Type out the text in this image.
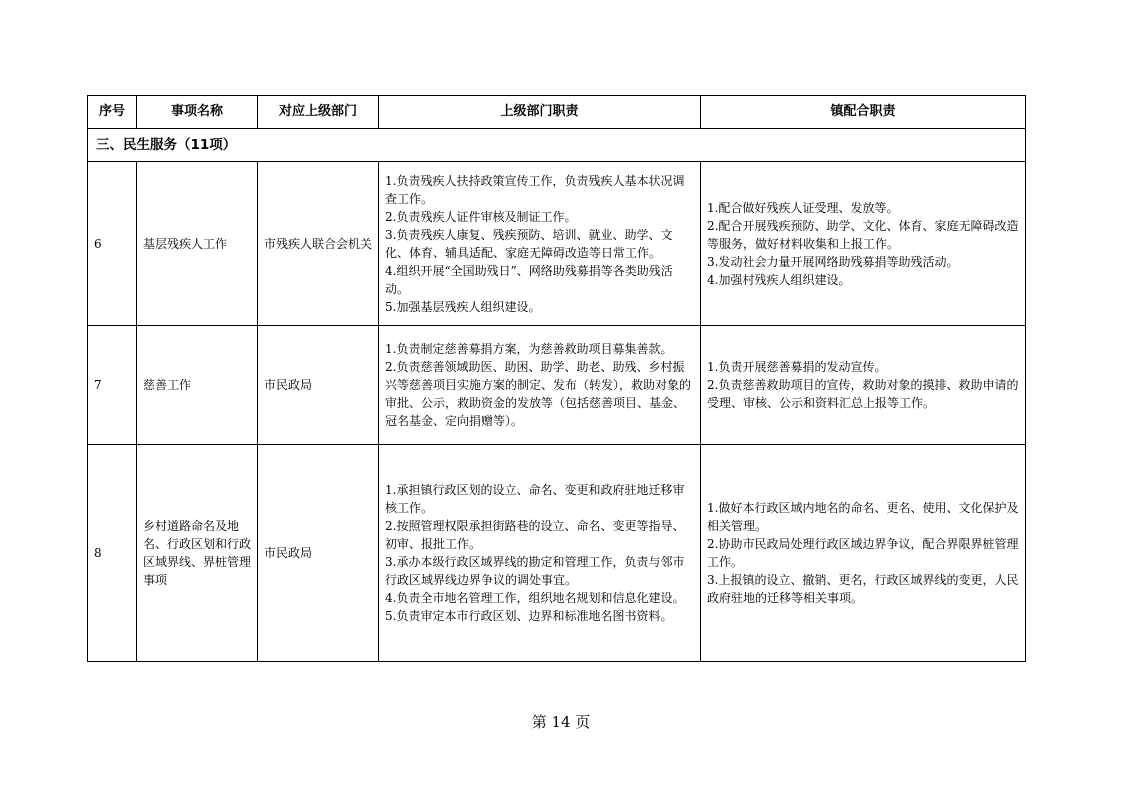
序号	事项名称	对应上级部门	上级部门职责	镇配合职责
三、民生服务（11项）				
6	基层残疾人工作	市残疾人联合会机关	1.负责残疾人扶持政策宣传工作，负责残疾人基本状况调查工作。
2.负责残疾人证件审核及制证工作。
3.负责残疾人康复、残疾预防、培训、就业、助学、文化、体育、辅具适配、家庭无障碍改造等日常工作。
4.组织开展“全国助残日”、网络助残募捐等各类助残活动。
5.加强基层残疾人组织建设。	1.配合做好残疾人证受理、发放等。
2.配合开展残疾预防、助学、文化、体育、家庭无障碍改造等服务，做好材料收集和上报工作。
3.发动社会力量开展网络助残募捐等助残活动。
4.加强村残疾人组织建设。

7	慈善工作	市民政局	1.负责制定慈善募捐方案，为慈善救助项目募集善款。
2.负责慈善领域助医、助困、助学、助老、助残、乡村振兴等慈善项目实施方案的制定、发布（转发），救助对象的审批、公示，救助资金的发放等（包括慈善项目、基金、冠名基金、定向捐赠等）。	1.负责开展慈善募捐的发动宣传。
2.负责慈善救助项目的宣传，救助对象的摸排、救助申请的受理、审核、公示和资料汇总上报等工作。

8	乡村道路命名及地名、行政区划和行政区域界线、界桩管理事项	市民政局	1.承担镇行政区划的设立、命名、变更和政府驻地迁移审核工作。
2.按照管理权限承担街路巷的设立、命名、变更等指导、初审、报批工作。
3.承办本级行政区域界线的勘定和管理工作，负责与邻市行政区域界线边界争议的调处事宜。
4.负责全市地名管理工作，组织地名规划和信息化建设。
5.负责审定本市行政区划、边界和标准地名图书资料。	1.做好本行政区域内地名的命名、更名、使用、文化保护及相关管理。
2.协助市民政局处理行政区域边界争议，配合界限界桩管理工作。
3.上报镇的设立、撤销、更名，行政区域界线的变更，人民政府驻地的迁移等相关事项。
第 14 页
